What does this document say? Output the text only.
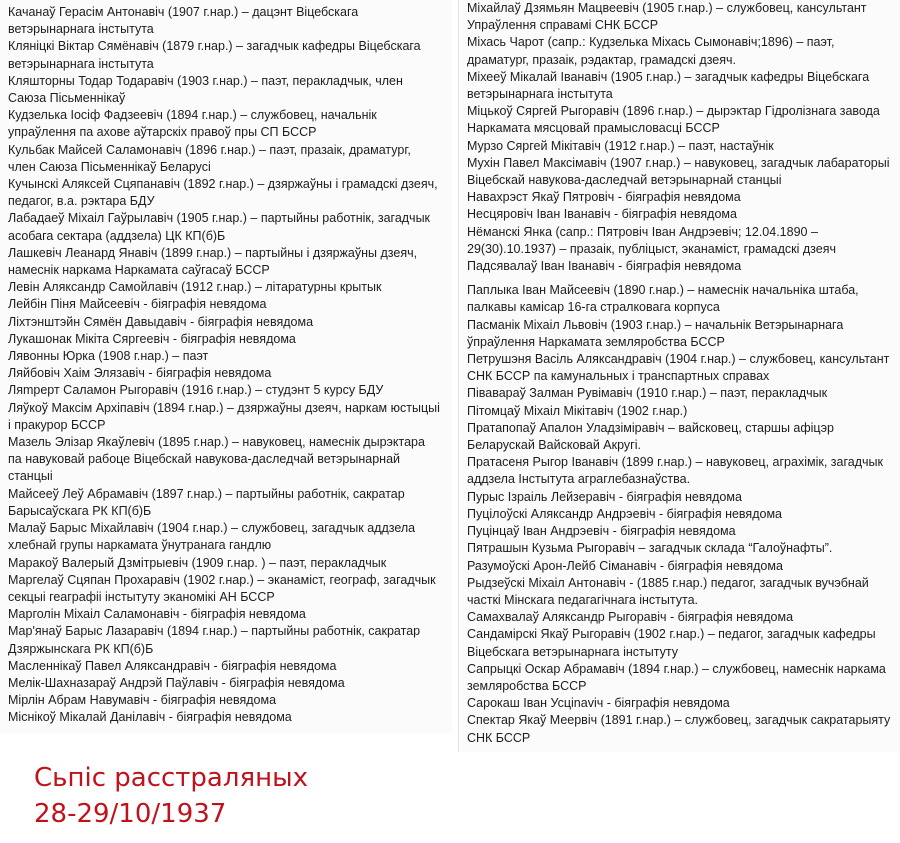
Качанаў Герасім Антонавіч (1907 г.нар.) – дацэнт Віцебскага ветэрынарнага інстытута

Кляніцкі Віктар Сямёнавіч (1879 г.нар.) – загадчык кафедры Віцебскага ветэрынарнага інстытута

Кляшторны Тодар Тодаравіч (1903 г.нар.) – паэт, перакладчык, член Саюза Пісьменнікаў

Кудзелька Іосіф Фадзеевіч (1894 г.нар.) – службовец, начальнік упраўлення па ахове аўтарскіх правоў пры СП БССР

Кульбак Майсей Саламонавіч (1896 г.нар.) – паэт, празаік, драматург, член Саюза Пісьменнікаў Беларусі

Кучынскі Аляксей Сцяпанавіч (1892 г.нар.) – дзяржаўны і грамадскі дзеяч, педагог, в.а. рэктара БДУ

Лабадаеў Міхаіл Гаўрылавіч (1905 г.нар.) – партыйны работнік, загадчык асобага сектара (аддзела) ЦК КП(б)Б

Лашкевіч Леанард Янавіч (1899 г.нар.) – партыйны і дзяржаўны дзеяч, намеснік наркама Наркамата саўгасаў БССР

Левін Аляксандр Самойлавіч (1912 г.нар.) – літаратурны крытык

Лейбін Піня Майсеевіч - біяграфія невядома

Ліхтэнштэйн Сямён Давыдавіч - біяграфія невядома

Лукашонак Мікіта Сяргеевіч - біяграфія невядома

Лявонны Юрка (1908 г.нар.) – паэт

Ляйбовіч Хаім Элязавіч - біяграфія невядома

Ляmpерт Саламон Рыгоравіч (1916 г.нар.) – студэнт 5 курсу БДУ

Ляўкоў Максім Архіпавіч (1894 г.нар.) – дзяржаўны дзеяч, наркам юстыцыі і пракурор БССР

Мазель Элізар Якаўлевіч (1895 г.нар.) – навуковец, намеснік дырэктара па навуковай рабоце Віцебскай навукова-даследчай ветэрынарнай станцыі

Майсееў Леў Абрамавіч (1897 г.нар.) – партыйны работнік, сакратар Барысаўскага РК КП(б)Б

Малаў Барыс Міхайлавіч (1904 г.нар.) – службовец, загадчык аддзела хлебнай групы наркамата ўнутранага гандлю

Маракоў Валерый Дзмітрыевіч (1909 г.нар. ) – паэт, перакладчык

Маргелаў Сцяпан Прохаравіч (1902 г.нар.) – эканаміст, географ, загадчык секцыі геаграфіі інстытуту эканомікі АН БССР

Марголін Міхаіл Саламонавіч - біяграфія невядома

Мар'янаў Барыс Лазаравіч (1894 г.нар.) – партыйны работнік, сакратар Дзяржынскага РК КП(б)Б

Масленнікаў Павел Аляксандравіч - біяграфія невядома

Мелік-Шахназараў Андрэй Паўлавіч - біяграфія невядома

Мірлін Абрам Навумавіч - біяграфія невядома

Міснікоў Мікалай Данілавіч - біяграфія невядома

Міхайлаў Дзямьян Мацвеевіч (1905 г.нар.) – службовец, кансультант Упраўлення справамі СНК БССР

Міхась Чарот (сапр.: Кудзелька Міхась Сымонавіч;1896) – паэт, драматург, празаік, рэдактар, грамадскі дзеяч.

Міхееў Мікалай Іванавіч (1905 г.нар.) – загадчык кафедры Віцебскага ветэрынарнага інстытута

Міцькоў Сяргей Рыгоравіч (1896 г.нар.) – дырэктар Гідролізнага завода Наркамата мясцовай прамысловасці БССР

Мурзо Сяргей Мікітавіч (1912 г.нар.) – паэт, настаўнік

Мухін Павел Максімавіч (1907 г.нар.) – навуковец, загадчык лабараторыі Віцебскай навукова-даследчай ветэрынарнай станцыі

Навахрэст Якаў Пятровіч - біяграфія невядома

Несцяровіч Іван Іванавіч - біяграфія невядома

Нёманскі Янка (сапр.: Пятровіч Іван Андрэевіч; 12.04.1890 – 29(30).10.1937) – празаік, публіцыст, эканаміст, грамадскі дзеяч

Падсявалаў Іван Іванавіч - біяграфія невядома

Паплыка Іван Майсеевіч (1890 г.нар.) – намеснік начальніка штаба, палкавы камісар 16-га стралковага корпуса

Пасманік Міхаіл Львовіч (1903 г.нар.) – начальнік Ветэрынарнага ўпраўлення Наркамата земляробства БССР

Петрушэня Васіль Аляксандравіч (1904 г.нар.) – службовец, кансультант СНК БССР па камунальных і транспартных справах

Півавараў Залман Рувімавіч (1910 г.нар.) – паэт, перакладчык

Пітомцаў Міхаіл Мікітавіч (1902 г.нар.)

Пратапопаў Апалон Уладзіміравіч – вайсковец, старшы афіцэр Беларускай Вайсковай Акругі.

Пратасеня Рыгор Іванавіч (1899 г.нар.) – навуковец, аграхімік, загадчык аддзела Інстытута аграглебазнаўства.

Пурыс Ізраіль Лейзеравіч - біяграфія невядома

Пуцілоўскі Аляксандр Андрэевіч - біяграфія невядома

Пуцінцаў Іван Андрэевіч - біяграфія невядома

Пятрашын Кузьма Рыгоравіч – загадчык склада “Галоўнафты”.

Разумоўскі Арон-Лейб Сіманавіч - біяграфія невядома

Рыдзеўскі Міхаіл Антонавіч - (1885 г.нар.) педагог, загадчык вучэбнай часткі Мінскага педагагічнага інстытута.

Самахвалаў Аляксандр Рыгоравіч - біяграфія невядома

Сандамірскі Якаў Рыгоравіч (1902 г.нар.) – педагог, загадчык кафедры Віцебскага ветэрынарнага інстытуту

Сапрыцкі Оскар Абрамавіч (1894 г.нар.) – службовец, намеснік наркама земляробства БССР

Сарокаш Іван Усціnavіч - біяграфія невядома

Спектар Якаў Меервіч (1891 г.нар.) – службовец, загадчык сакратарыяту СНК БССР

Сьпіс расстраляных
28-29/10/1937
